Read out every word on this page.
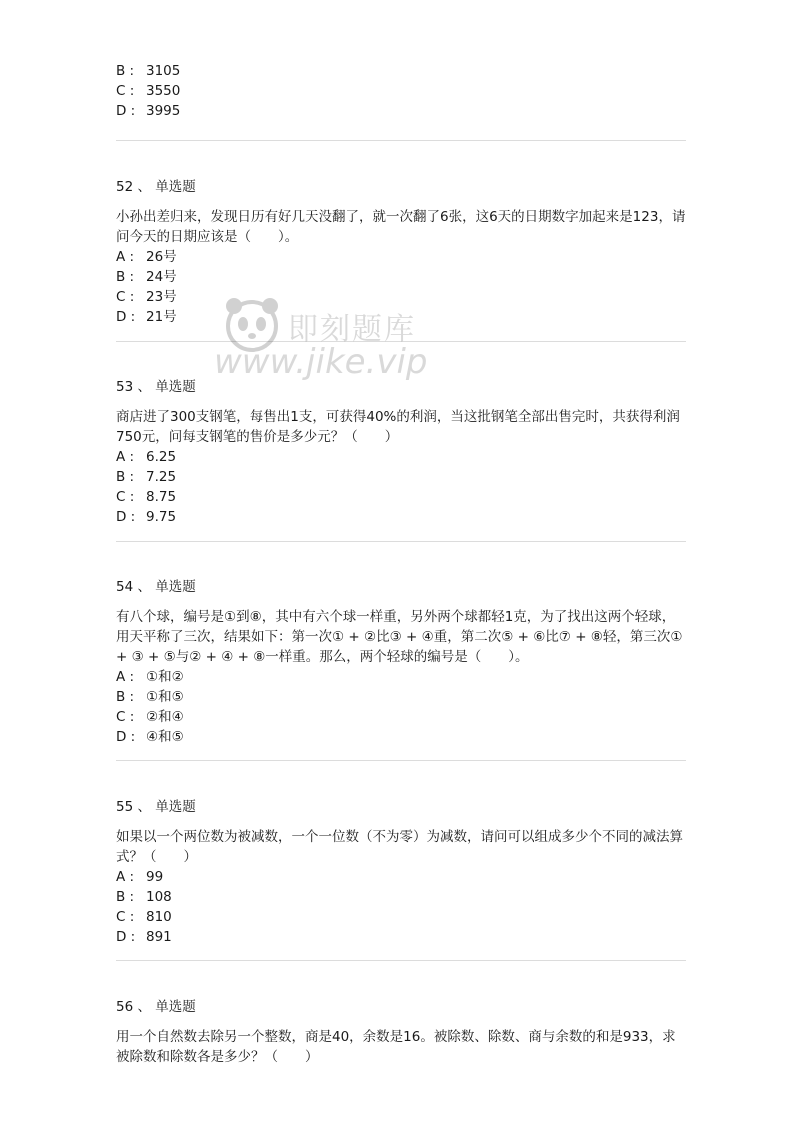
B : 3105
C : 3550
D : 3995
52 、 单选题
小孙出差归来，发现日历有好几天没翻了，就一次翻了6张，这6天的日期数字加起来是123，请问今天的日期应该是（　　）。
A : 26号
B : 24号
C : 23号
D : 21号
53 、 单选题
商店进了300支钢笔，每售出1支，可获得40%的利润，当这批钢笔全部出售完时，共获得利润750元，问每支钢笔的售价是多少元？（　　）
A : 6.25
B : 7.25
C : 8.75
D : 9.75
54 、 单选题
有八个球，编号是①到⑧，其中有六个球一样重，另外两个球都轻1克，为了找出这两个轻球，用天平称了三次，结果如下：第一次① + ②比③ + ④重，第二次⑤ + ⑥比⑦ + ⑧轻，第三次① + ③ + ⑤与② + ④ + ⑧一样重。那么，两个轻球的编号是（　　）。
A : ①和②
B : ①和⑤
C : ②和④
D : ④和⑤
55 、 单选题
如果以一个两位数为被减数，一个一位数（不为零）为减数，请问可以组成多少个不同的减法算式？（　　）
A : 99
B : 108
C : 810
D : 891
56 、 单选题
用一个自然数去除另一个整数，商是40，余数是16。被除数、除数、商与余数的和是933，求被除数和除数各是多少？（　　）
即刻题库
www.jike.vip
